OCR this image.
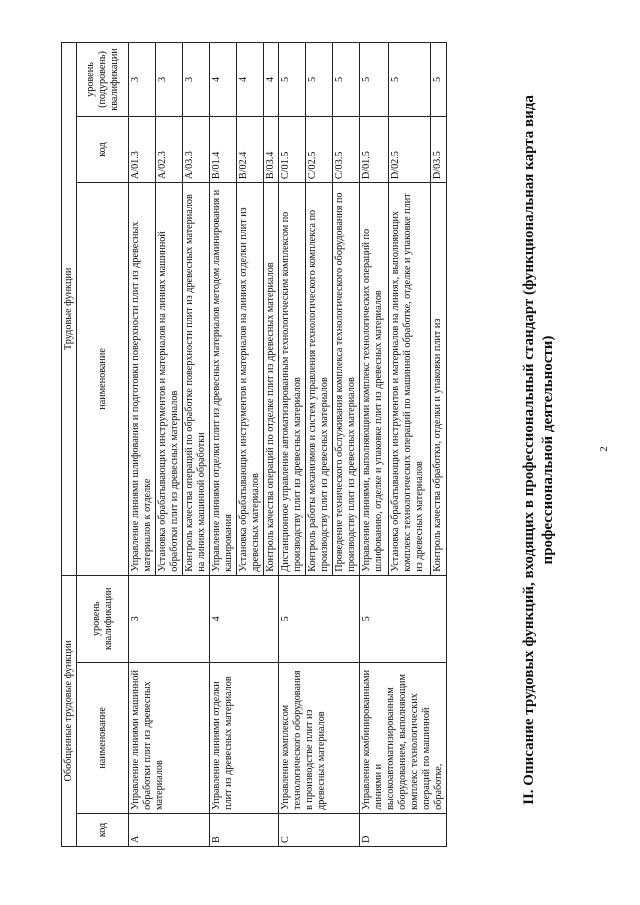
2
II. Описание трудовых функций, входящих в профессиональный стандарт (функциональная карта вида профессиональной деятельности)
Обобщенные трудовые функции			Трудовые функции		
код	наименование	уровень квалификации	наименование	код	уровень (подуровень) квалификации
A	Управление линиями машинной обработки плит из древесных материалов	3	Управление линиями шлифования и подготовки поверхности плит из древесных материалов к отделке	A/01.3	3
			Установка обрабатывающих инструментов и материалов на линиях машинной обработки плит из древесных материалов	A/02.3	3
			Контроль качества операций по обработке поверхности плит из древесных материалов на линиях машинной обработки	A/03.3	3
B	Управление линиями отделки плит из древесных материалов	4	Управление линиями отделки плит из древесных материалов методом ламинирования и каширования	B/01.4	4
			Установка обрабатывающих инструментов и материалов на линиях отделки плит из древесных материалов	B/02.4	4
			Контроль качества операций по отделке плит из древесных материалов	B/03.4	4
C	Управление комплексом технологического оборудования в производстве плит из древесных материалов	5	Дистанционное управление автоматизированным технологическим комплексом по производству плит из древесных материалов	C/01.5	5
			Контроль работы механизмов и систем управления технологического комплекса по производству плит из древесных материалов	C/02.5	5
			Проведение технического обслуживания комплекса технологического оборудования по производству плит из древесных материалов	C/03.5	5
D	Управление комбинированными линиями и высокоавтоматизированным оборудованием, выполняющим комплекс технологических операций по машинной обработке,	5	Управление линиями, выполняющими комплекс технологических операций по шлифованию, отделке и упаковке плит из древесных материалов	D/01.5	5
			Установка обрабатывающих инструментов и материалов на линиях, выполняющих комплекс технологических операций по машинной обработке, отделке и упаковке плит из древесных материалов	D/02.5	5
			Контроль качества обработки, отделки и упаковки плит из	D/03.5	5
